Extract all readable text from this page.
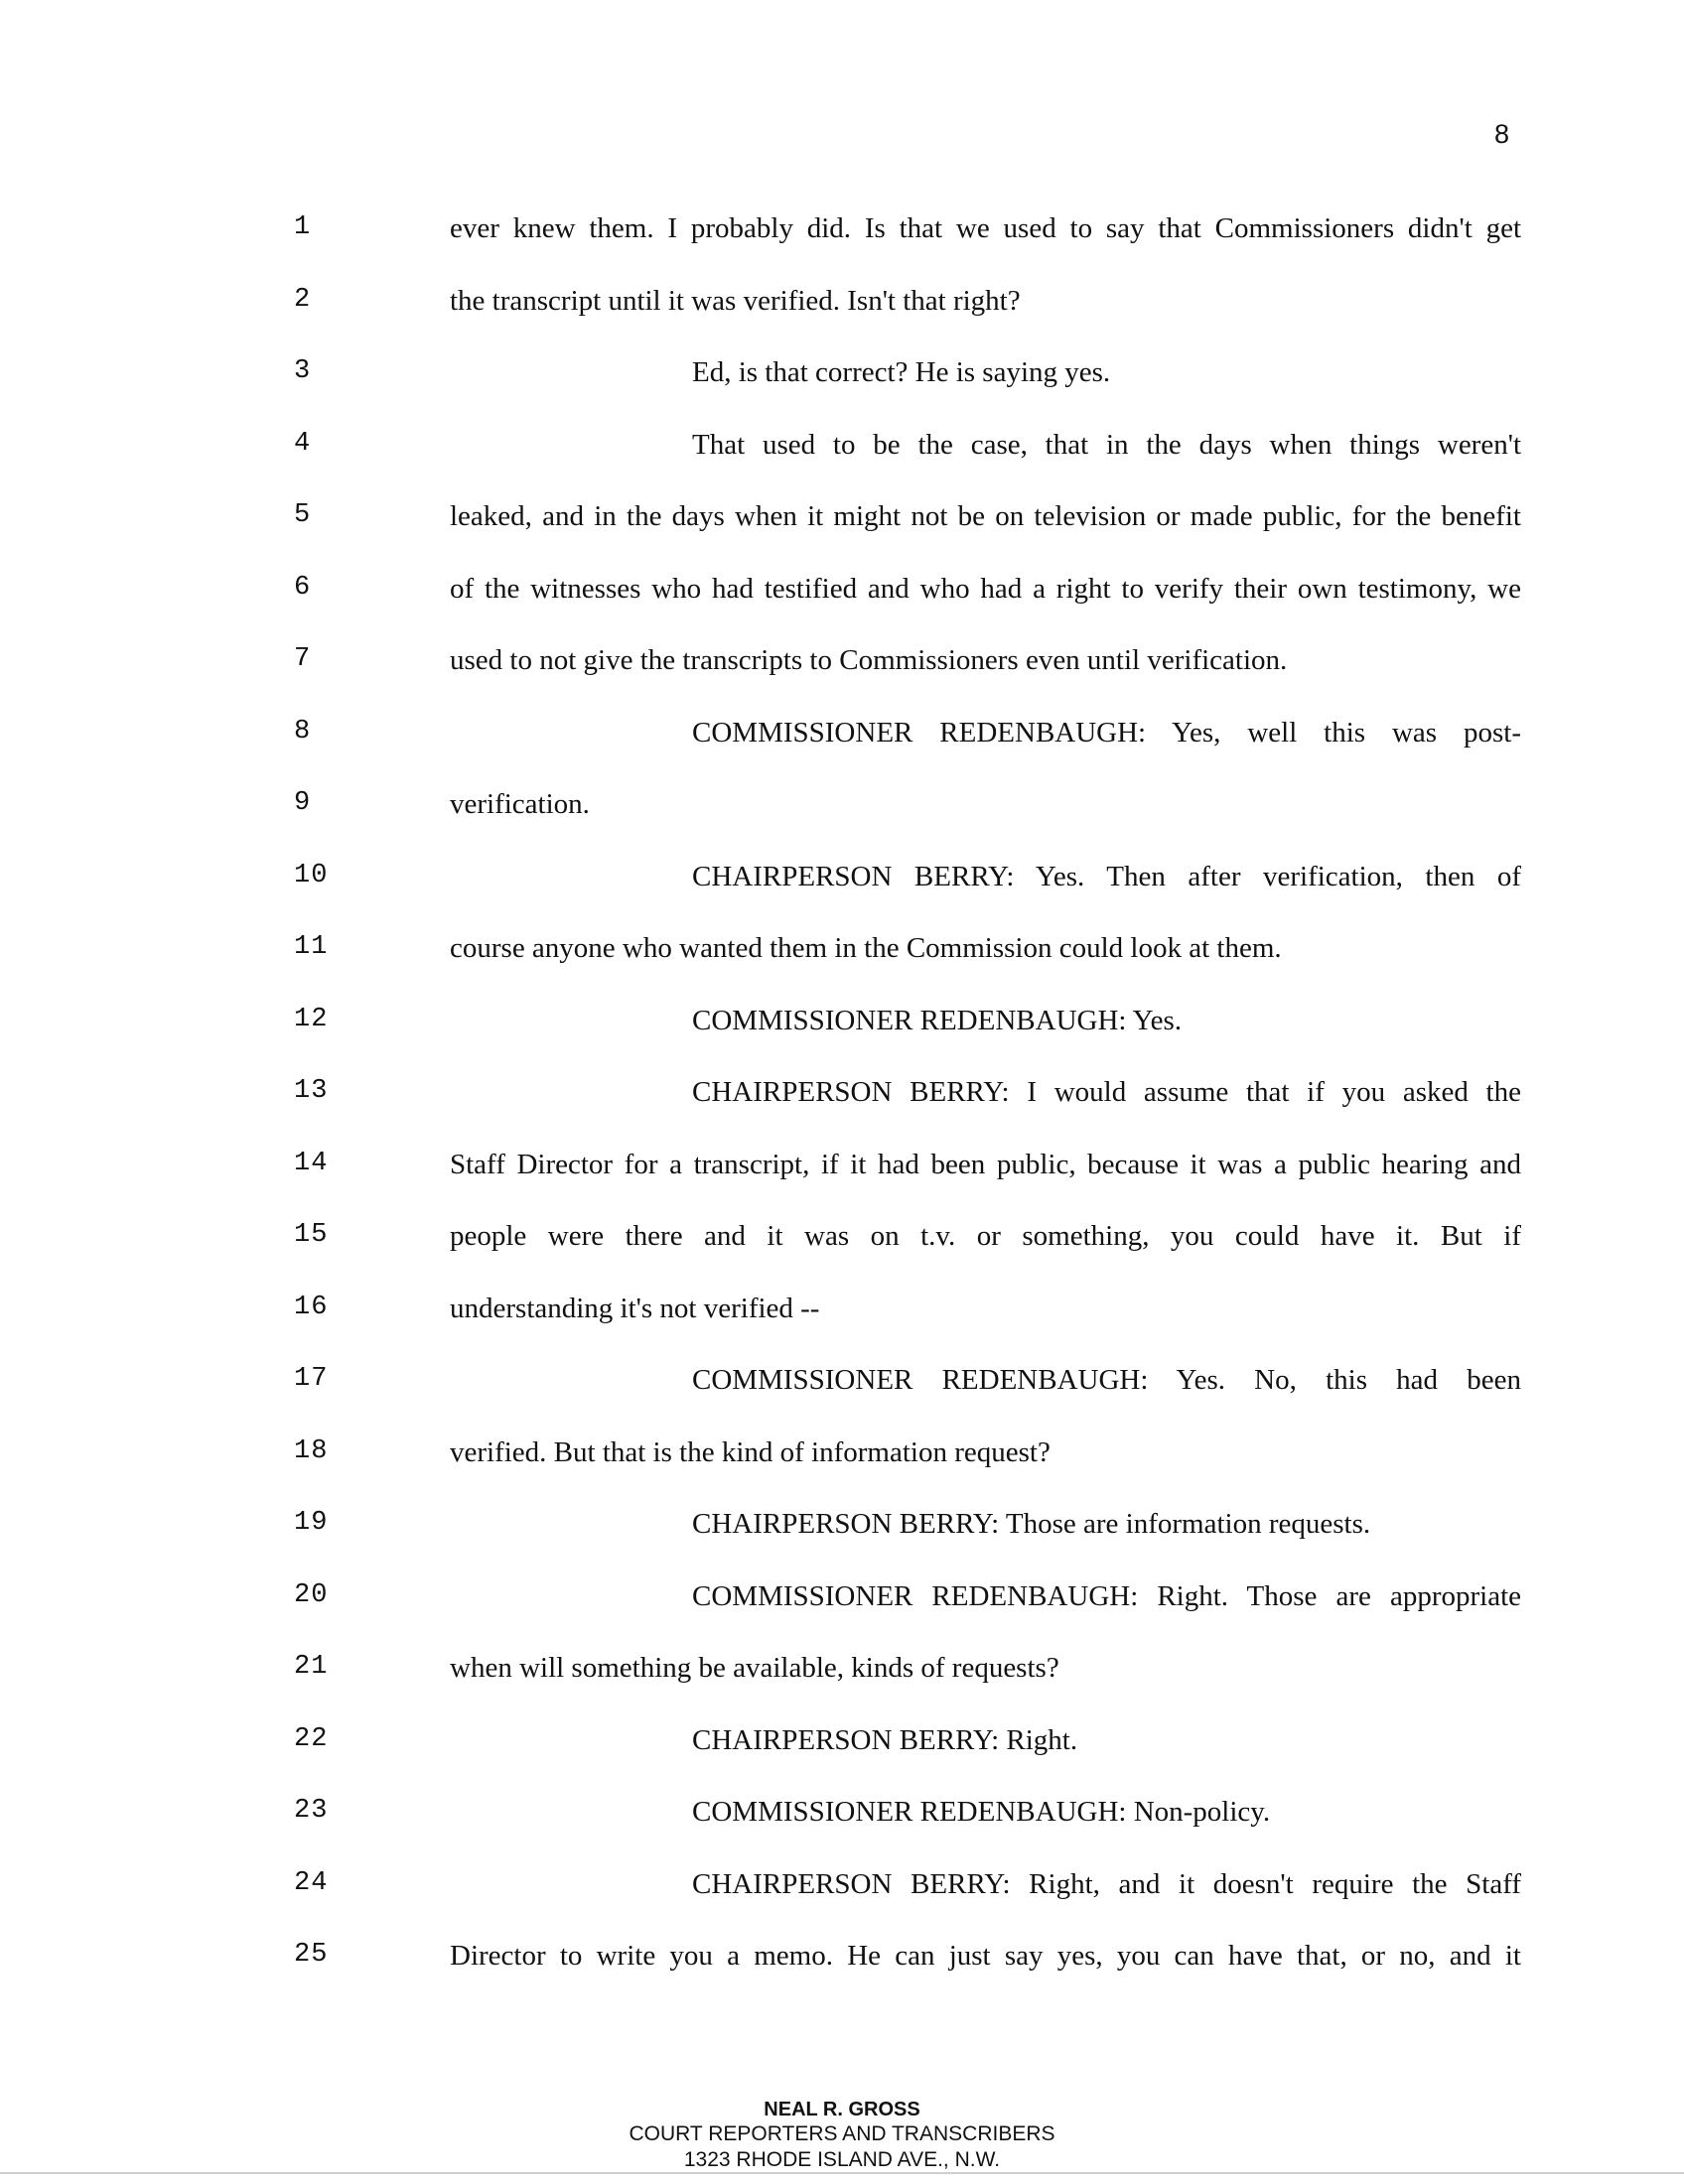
8
1	ever knew them. I probably did. Is that we used to say that Commissioners didn't get
2	the transcript until it was verified. Isn't that right?
3	Ed, is that correct? He is saying yes.
4	That used to be the case, that in the days when things weren't
5	leaked, and in the days when it might not be on television or made public, for the benefit
6	of the witnesses who had testified and who had a right to verify their own testimony, we
7	used to not give the transcripts to Commissioners even until verification.
8	COMMISSIONER REDENBAUGH: Yes, well this was post-
9	verification.
10	CHAIRPERSON BERRY: Yes. Then after verification, then of
11	course anyone who wanted them in the Commission could look at them.
12	COMMISSIONER REDENBAUGH: Yes.
13	CHAIRPERSON BERRY: I would assume that if you asked the
14	Staff Director for a transcript, if it had been public, because it was a public hearing and
15	people were there and it was on t.v. or something, you could have it. But if
16	understanding it's not verified --
17	COMMISSIONER REDENBAUGH: Yes. No, this had been
18	verified. But that is the kind of information request?
19	CHAIRPERSON BERRY: Those are information requests.
20	COMMISSIONER REDENBAUGH: Right. Those are appropriate
21	when will something be available, kinds of requests?
22	CHAIRPERSON BERRY: Right.
23	COMMISSIONER REDENBAUGH: Non-policy.
24	CHAIRPERSON BERRY: Right, and it doesn't require the Staff
25	Director to write you a memo. He can just say yes, you can have that, or no, and it
NEAL R. GROSS
COURT REPORTERS AND TRANSCRIBERS
1323 RHODE ISLAND AVE., N.W.
